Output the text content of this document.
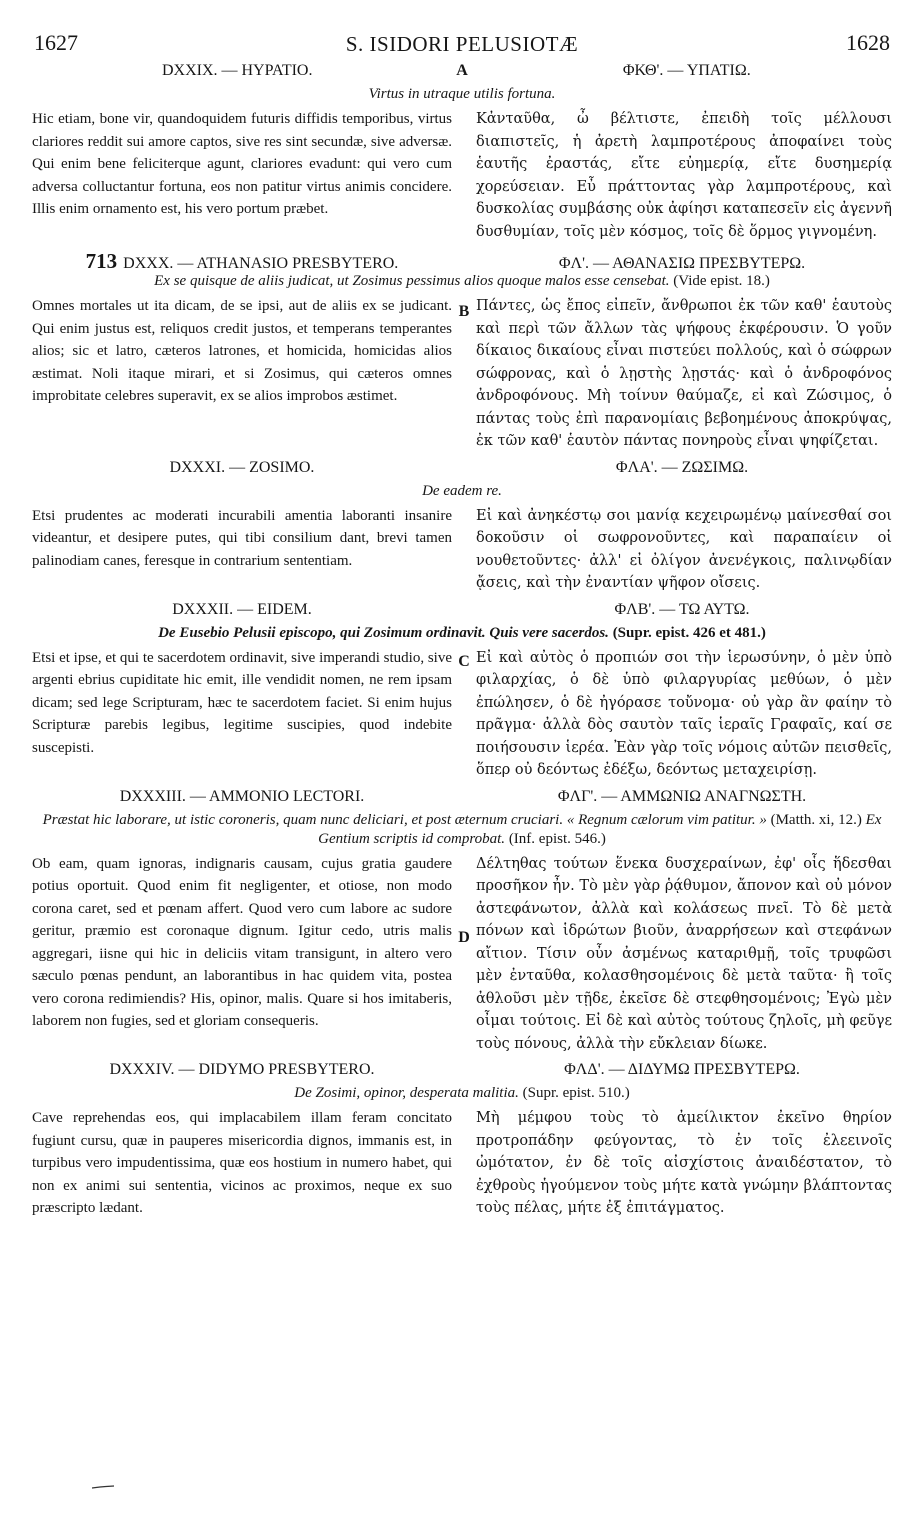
1627	S. ISIDORI PELUSIOTÆ	1628
DXXIX. — HYPATIO.	A	ΦΚΘ'. — ΥΠΑΤΙΩ.
Virtus in utraque utilis fortuna.

Hic etiam, bone vir, quandoquidem futuris diffidis temporibus, virtus clariores reddit sui amore captos, sive res sint secundæ, sive adversæ. Qui enim bene feliciterque agunt, clariores evadunt: qui vero cum adversa colluctantur fortuna, eos non patitur virtus animis concidere. Illis enim ornamento est, his vero portum præbet.

Κἀνταῦθα, ὦ βέλτιστε, ἐπειδὴ τοῖς μέλλουσι διαπιστεῖς, ἡ ἀρετὴ λαμπροτέρους ἀποφαίνει τοὺς ἑαυτῆς ἐραστάς, εἴτε εὐημερίᾳ, εἴτε δυσημερίᾳ χορεύσειαν. Εὖ πράττοντας γὰρ λαμπροτέρους, καὶ δυσκολίας συμβάσης οὐκ ἀφίησι καταπεσεῖν εἰς ἀγεννῆ δυσθυμίαν, τοῖς μὲν κόσμος, τοῖς δὲ ὅρμος γιγνομένη.

713 DXXX. — ATHANASIO PRESBYTERO.	ΦΛ'. — ΑΘΑΝΑΣΙΩ ΠΡΕΣΒΥΤΕΡΩ.
Ex se quisque de aliis judicat, ut Zosimus pessimus alios quoque malos esse censebat. (Vide epist. 18.)

Omnes mortales ut ita dicam, de se ipsi, aut de aliis ex se judicant. Qui enim justus est, reliquos credit justos, et temperans temperantes alios; sic et latro, cæteros latrones, et homicida, homicidas alios æstimat. Noli itaque mirari, et si Zosimus, qui cæteros omnes improbitate celebres superavit, ex se alios improbos æstimet.

B Πάντες, ὡς ἔπος εἰπεῖν, ἄνθρωποι ἐκ τῶν καθ' ἑαυτοὺς καὶ περὶ τῶν ἄλλων τὰς ψήφους ἐκφέρουσιν. Ὁ γοῦν δίκαιος δικαίους εἶναι πιστεύει πολλούς, καὶ ὁ σώφρων σώφρονας, καὶ ὁ λῃστὴς λῃστάς· καὶ ὁ ἀνδροφόνος ἀνδροφόνους. Μὴ τοίνυν θαύμαζε, εἰ καὶ Ζώσιμος, ὁ πάντας τοὺς ἐπὶ παρανομίαις βεβοημένους ἀποκρύψας, ἐκ τῶν καθ' ἑαυτὸν πάντας πονηροὺς εἶναι ψηφίζεται.

DXXXI. — ZOSIMO.	ΦΛΑ'. — ΖΩΣΙΜΩ.
De eadem re.

Etsi prudentes ac moderati incurabili amentia laboranti insanire videantur, et desipere putes, qui tibi consilium dant, brevi tamen palinodiam canes, feresque in contrarium sententiam.

Εἰ καὶ ἀνηκέστῳ σοι μανίᾳ κεχειρωμένῳ μαίνεσθαί σοι δοκοῦσιν οἱ σωφρονοῦντες, καὶ παραπαίειν οἱ νουθετοῦντες· ἀλλ' εἰ ὀλίγον ἀνενέγκοις, παλινῳδίαν ᾄσεις, καὶ τὴν ἐναντίαν ψῆφον οἴσεις.

DXXXII. — EIDEM.	ΦΛΒ'. — ΤΩ ΑΥΤΩ.
De Eusebio Pelusii episcopo, qui Zosimum ordinavit. Quis vere sacerdos. (Supr. epist. 426 et 481.)

Etsi et ipse, et qui te sacerdotem ordinavit, sive imperandi studio, sive argenti ebrius cupiditate hic emit, ille vendidit nomen, ne rem ipsam dicam; sed lege Scripturam, hæc te sacerdotem faciet. Si enim hujus Scripturæ parebis legibus, legitime suscipies, quod indebite suscepisti.

C Εἰ καὶ αὐτὸς ὁ προπιών σοι τὴν ἱερωσύνην, ὁ μὲν ὑπὸ φιλαρχίας, ὁ δὲ ὑπὸ φιλαργυρίας μεθύων, ὁ μὲν ἐπώλησεν, ὁ δὲ ἠγόρασε τοὔνομα· οὐ γὰρ ἂν φαίην τὸ πρᾶγμα· ἀλλὰ δὸς σαυτὸν ταῖς ἱεραῖς Γραφαῖς, καί σε ποιήσουσιν ἱερέα. Ἐὰν γὰρ τοῖς νόμοις αὐτῶν πεισθεῖς, ὅπερ οὐ δεόντως ἐδέξω, δεόντως μεταχειρίσῃ.

DXXXIII. — AMMONIO LECTORI.	ΦΛΓ'. — ΑΜΜΩΝΙΩ ΑΝΑΓΝΩΣΤΗ.
Præstat hic laborare, ut istic coroneris, quam nunc deliciari, et post æternum cruciari. « Regnum cælorum vim patitur. » (Matth. xi, 12.) Ex Gentium scriptis id comprobat. (Inf. epist. 546.)

Ob eam, quam ignoras, indignaris causam, cujus gratia gaudere potius oportuit. Quod enim fit negligenter, et otiose, non modo corona caret, sed et pœnam affert. Quod vero cum labore ac sudore geritur, præmio est coronaque dignum. Igitur cedo, utris malis aggregari, iisne qui hic in deliciis vitam transigunt, in altero vero sæculo pœnas pendunt, an laborantibus in hac quidem vita, postea vero corona redimiendis? His, opinor, malis. Quare si hos imitaberis, laborem non fugies, sed et gloriam consequeris.

D

Δέλτηθας τούτων ἕνεκα δυσχεραίνων, ἐφ' οἷς ἥδεσθαι προσῆκον ἦν. Τὸ μὲν γὰρ ῥᾴθυμον, ἄπονον καὶ οὐ μόνον ἀστεφάνωτον, ἀλλὰ καὶ κολάσεως πνεῖ. Τὸ δὲ μετὰ πόνων καὶ ἱδρώτων βιοῦν, ἀναρρήσεων καὶ στεφάνων αἴτιον. Τίσιν οὖν ἀσμένως καταριθμῇ, τοῖς τρυφῶσι μὲν ἐνταῦθα, κολασθησομένοις δὲ μετὰ ταῦτα· ἢ τοῖς ἀθλοῦσι μὲν τῇδε, ἐκεῖσε δὲ στεφθησομένοις; Ἐγὼ μὲν οἶμαι τούτοις. Εἰ δὲ καὶ αὐτὸς τούτους ζηλοῖς, μὴ φεῦγε τοὺς πόνους, ἀλλὰ τὴν εὔκλειαν δίωκε.

DXXXIV. — DIDYMO PRESBYTERO.	ΦΛΔ'. — ΔΙΔΥΜΩ ΠΡΕΣΒΥΤΕΡΩ.
De Zosimi, opinor, desperata malitia. (Supr. epist. 510.)

Cave reprehendas eos, qui implacabilem illam feram concitato fugiunt cursu, quæ in pauperes misericordia dignos, immanis est, in turpibus vero impudentissima, quæ eos hostium in numero habet, qui non ex animi sui sententia, vicinos ac proximos, neque ex suo præscripto lædant.

Μὴ μέμφου τοὺς τὸ ἀμείλικτον ἐκεῖνο θηρίον προτροπάδην φεύγοντας, τὸ ἐν τοῖς ἐλεεινοῖς ὠμότατον, ἐν δὲ τοῖς αἰσχίστοις ἀναιδέστατον, τὸ ἐχθροὺς ἡγούμενον τοὺς μήτε κατὰ γνώμην βλάπτοντας τοὺς πέλας, μήτε ἐξ ἐπιτάγματος.
